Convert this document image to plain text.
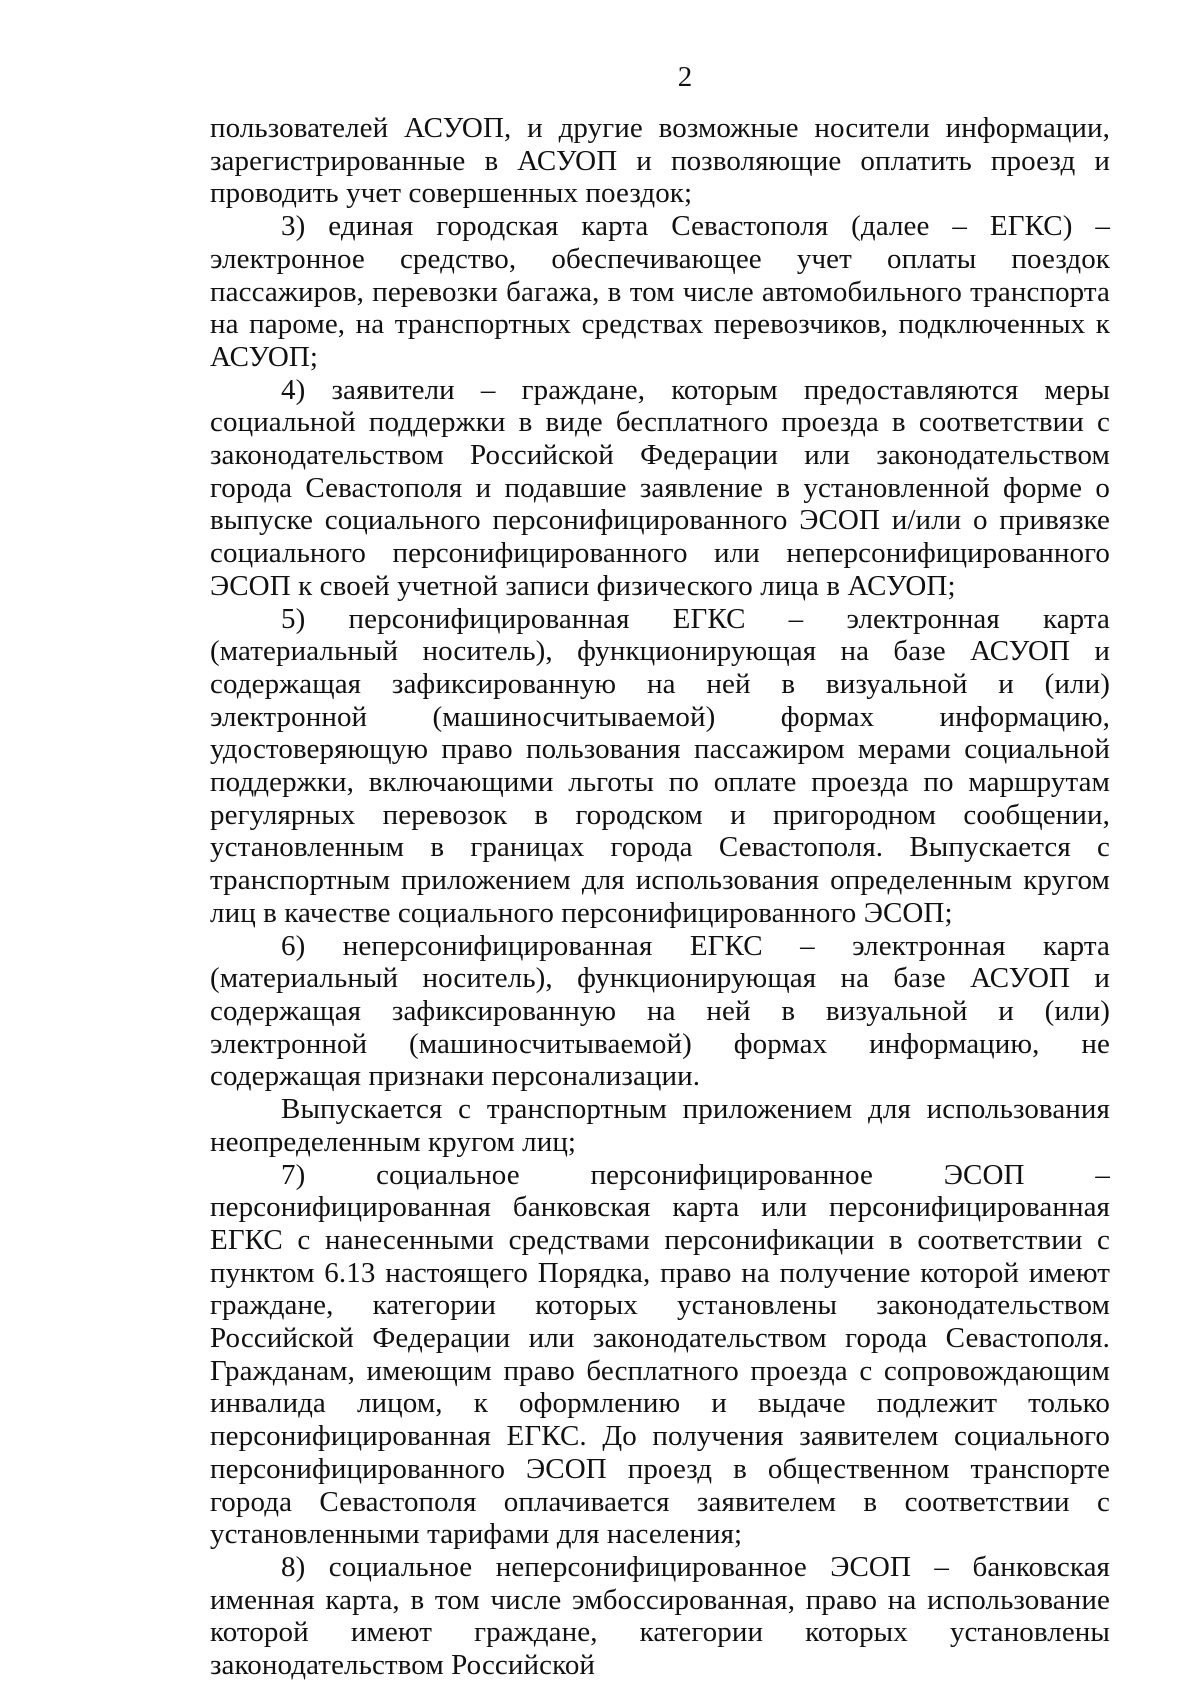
2

пользователей АСУОП, и другие возможные носители информации, зарегистрированные в АСУОП и позволяющие оплатить проезд и проводить учет совершенных поездок;

3) единая городская карта Севастополя (далее – ЕГКС) – электронное средство, обеспечивающее учет оплаты поездок пассажиров, перевозки багажа, в том числе автомобильного транспорта на пароме, на транспортных средствах перевозчиков, подключенных к АСУОП;

4) заявители – граждане, которым предоставляются меры социальной поддержки в виде бесплатного проезда в соответствии с законодательством Российской Федерации или законодательством города Севастополя и подавшие заявление в установленной форме о выпуске социального персонифицированного ЭСОП и/или о привязке социального персонифицированного или неперсонифицированного ЭСОП к своей учетной записи физического лица в АСУОП;

5) персонифицированная ЕГКС – электронная карта (материальный носитель), функционирующая на базе АСУОП и содержащая зафиксированную на ней в визуальной и (или) электронной (машиносчитываемой) формах информацию, удостоверяющую право пользования пассажиром мерами социальной поддержки, включающими льготы по оплате проезда по маршрутам регулярных перевозок в городском и пригородном сообщении, установленным в границах города Севастополя. Выпускается с транспортным приложением для использования определенным кругом лиц в качестве социального персонифицированного ЭСОП;

6) неперсонифицированная ЕГКС – электронная карта (материальный носитель), функционирующая на базе АСУОП и содержащая зафиксированную на ней в визуальной и (или) электронной (машиносчитываемой) формах информацию, не содержащая признаки персонализации.

Выпускается с транспортным приложением для использования неопределенным кругом лиц;

7) социальное персонифицированное ЭСОП – персонифицированная банковская карта или персонифицированная ЕГКС с нанесенными средствами персонификации в соответствии с пунктом 6.13 настоящего Порядка, право на получение которой имеют граждане, категории которых установлены законодательством Российской Федерации или законодательством города Севастополя. Гражданам, имеющим право бесплатного проезда с сопровождающим инвалида лицом, к оформлению и выдаче подлежит только персонифицированная ЕГКС. До получения заявителем социального персонифицированного ЭСОП проезд в общественном транспорте города Севастополя оплачивается заявителем в соответствии с установленными тарифами для населения;

8) социальное неперсонифицированное ЭСОП – банковская именная карта, в том числе эмбоссированная, право на использование которой имеют граждане, категории которых установлены законодательством Российской
